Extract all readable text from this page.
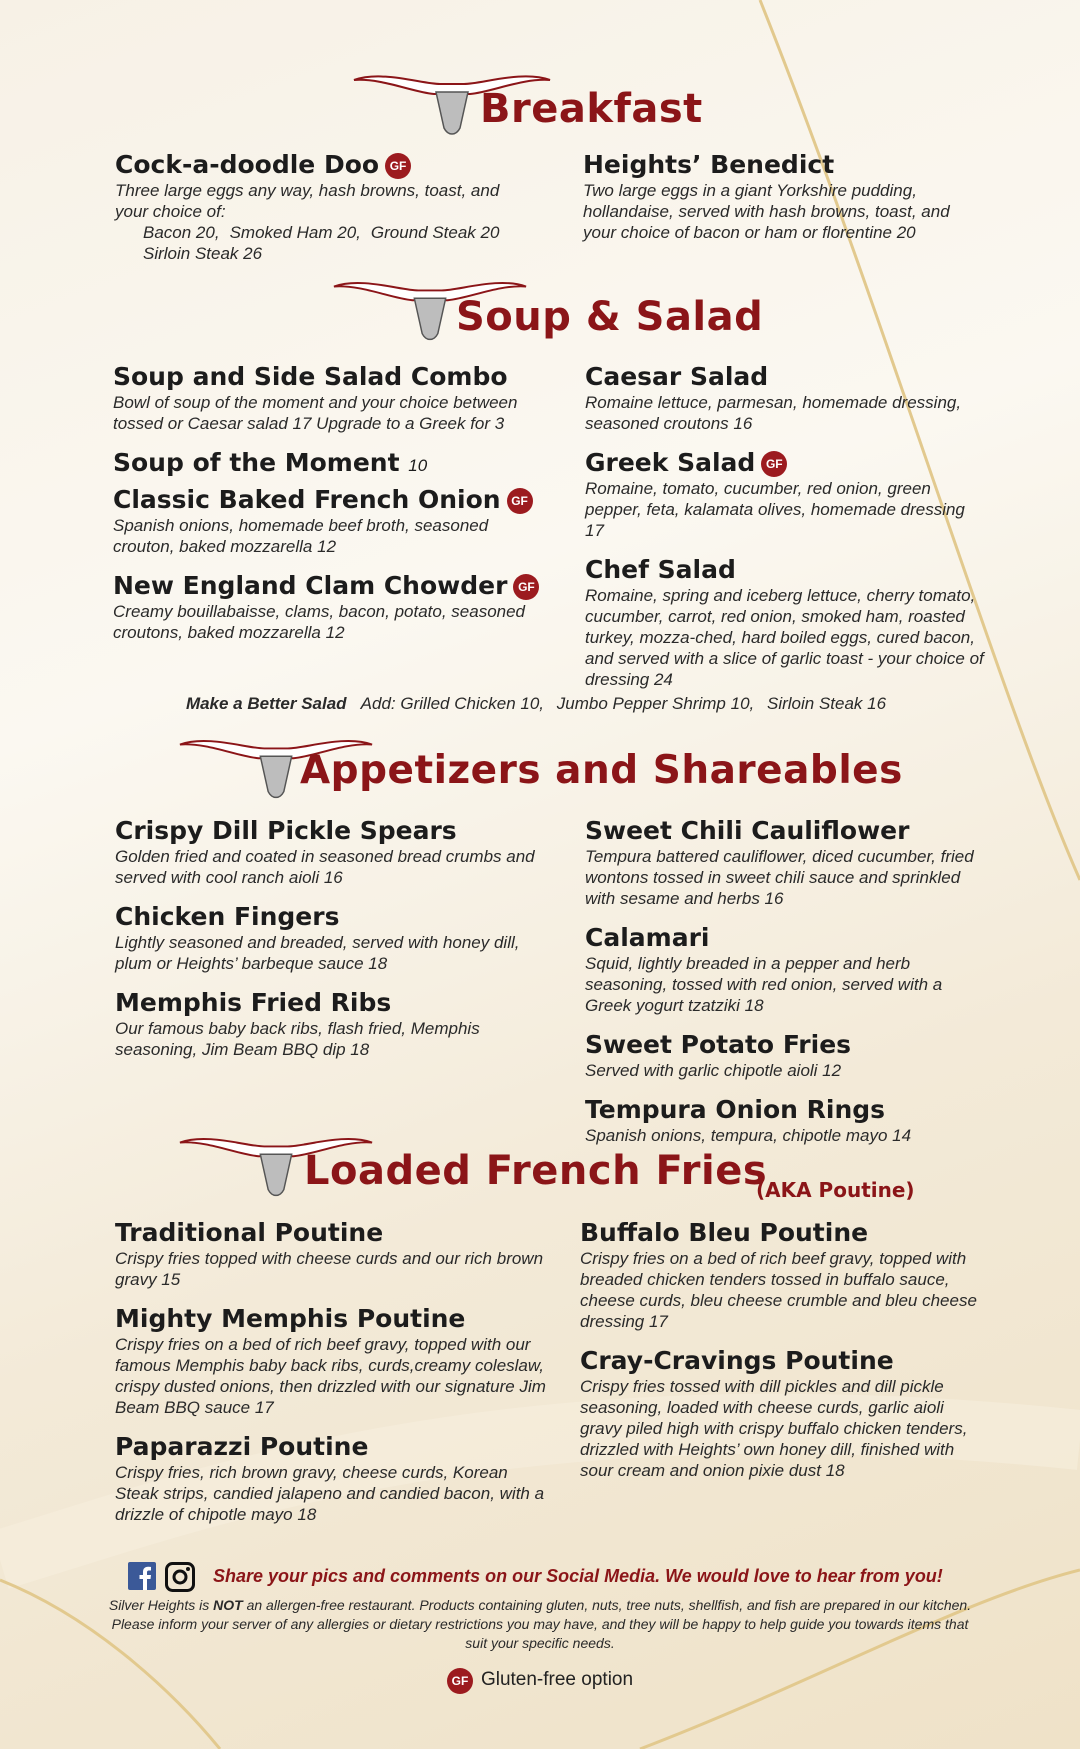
Breakfast
Cock-a-doodle Doo GF
Three large eggs any way, hash browns, toast, and your choice of:
Bacon 20, Smoked Ham 20, Ground Steak 20
Sirloin Steak 26
Heights’ Benedict
Two large eggs in a giant Yorkshire pudding, hollandaise, served with hash browns, toast, and your choice of bacon or ham or florentine 20
Soup & Salad
Soup and Side Salad Combo
Bowl of soup of the moment and your choice between tossed or Caesar salad 17 Upgrade to a Greek for 3
Soup of the Moment 10
Classic Baked French Onion GF
Spanish onions, homemade beef broth, seasoned crouton, baked mozzarella 12
New England Clam Chowder GF
Creamy bouillabaisse, clams, bacon, potato, seasoned croutons, baked mozzarella 12
Caesar Salad
Romaine lettuce, parmesan, homemade dressing, seasoned croutons 16
Greek Salad GF
Romaine, tomato, cucumber, red onion, green pepper, feta, kalamata olives, homemade dressing 17
Chef Salad
Romaine, spring and iceberg lettuce, cherry tomato, cucumber, carrot, red onion, smoked ham, roasted turkey, mozza-ched, hard boiled eggs, cured bacon, and served with a slice of garlic toast - your choice of dressing 24
Make a Better Salad Add: Grilled Chicken 10, Jumbo Pepper Shrimp 10, Sirloin Steak 16
Appetizers and Shareables
Crispy Dill Pickle Spears
Golden fried and coated in seasoned bread crumbs and served with cool ranch aioli 16
Chicken Fingers
Lightly seasoned and breaded, served with honey dill, plum or Heights’ barbeque sauce 18
Memphis Fried Ribs
Our famous baby back ribs, flash fried, Memphis seasoning, Jim Beam BBQ dip 18
Sweet Chili Cauliflower
Tempura battered cauliflower, diced cucumber, fried wontons tossed in sweet chili sauce and sprinkled with sesame and herbs 16
Calamari
Squid, lightly breaded in a pepper and herb seasoning, tossed with red onion, served with a Greek yogurt tzatziki 18
Sweet Potato Fries
Served with garlic chipotle aioli 12
Tempura Onion Rings
Spanish onions, tempura, chipotle mayo 14
Loaded French Fries
(AKA Poutine)
Traditional Poutine
Crispy fries topped with cheese curds and our rich brown gravy 15
Mighty Memphis Poutine
Crispy fries on a bed of rich beef gravy, topped with our famous Memphis baby back ribs, curds,creamy coleslaw, crispy dusted onions, then drizzled with our signature Jim Beam BBQ sauce 17
Paparazzi Poutine
Crispy fries, rich brown gravy, cheese curds, Korean Steak strips, candied jalapeno and candied bacon, with a drizzle of chipotle mayo 18
Buffalo Bleu Poutine
Crispy fries on a bed of rich beef gravy, topped with breaded chicken tenders tossed in buffalo sauce, cheese curds, bleu cheese crumble and bleu cheese dressing 17
Cray-Cravings Poutine
Crispy fries tossed with dill pickles and dill pickle seasoning, loaded with cheese curds, garlic aioli gravy piled high with crispy buffalo chicken tenders, drizzled with Heights’ own honey dill, finished with sour cream and onion pixie dust 18
Share your pics and comments on our Social Media. We would love to hear from you!
Silver Heights is NOT an allergen-free restaurant. Products containing gluten, nuts, tree nuts, shellfish, and fish are prepared in our kitchen. Please inform your server of any allergies or dietary restrictions you may have, and they will be happy to help guide you towards items that suit your specific needs.
GF Gluten-free option
